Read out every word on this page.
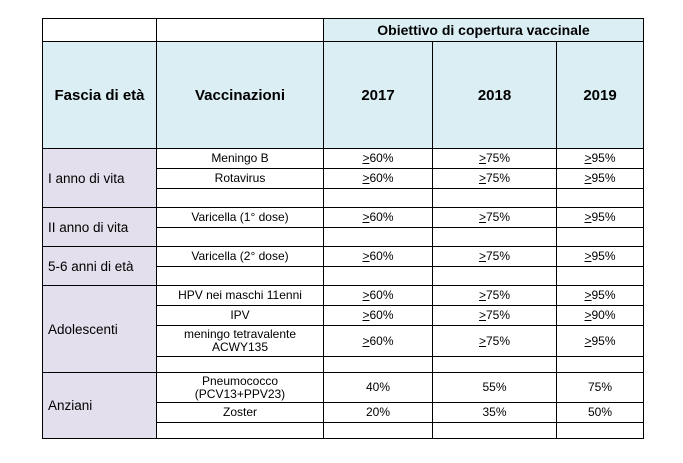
		Obiettivo di copertura vaccinale		
Fascia di età	Vaccinazioni	2017	2018	2019
I anno di vita	Meningo B	≥60%	≥75%	≥95%
	Rotavirus	≥60%	≥75%	≥95%

II anno di vita	Varicella (1° dose)	≥60%	≥75%	≥95%

5-6 anni di età	Varicella (2° dose)	≥60%	≥75%	≥95%

Adolescenti	HPV nei maschi 11enni	≥60%	≥75%	≥95%
	IPV	≥60%	≥75%	≥90%
	meningo tetravalente ACWY135	≥60%	≥75%	≥95%

Anziani	Pneumococco (PCV13+PPV23)	40%	55%	75%
	Zoster	20%	35%	50%
